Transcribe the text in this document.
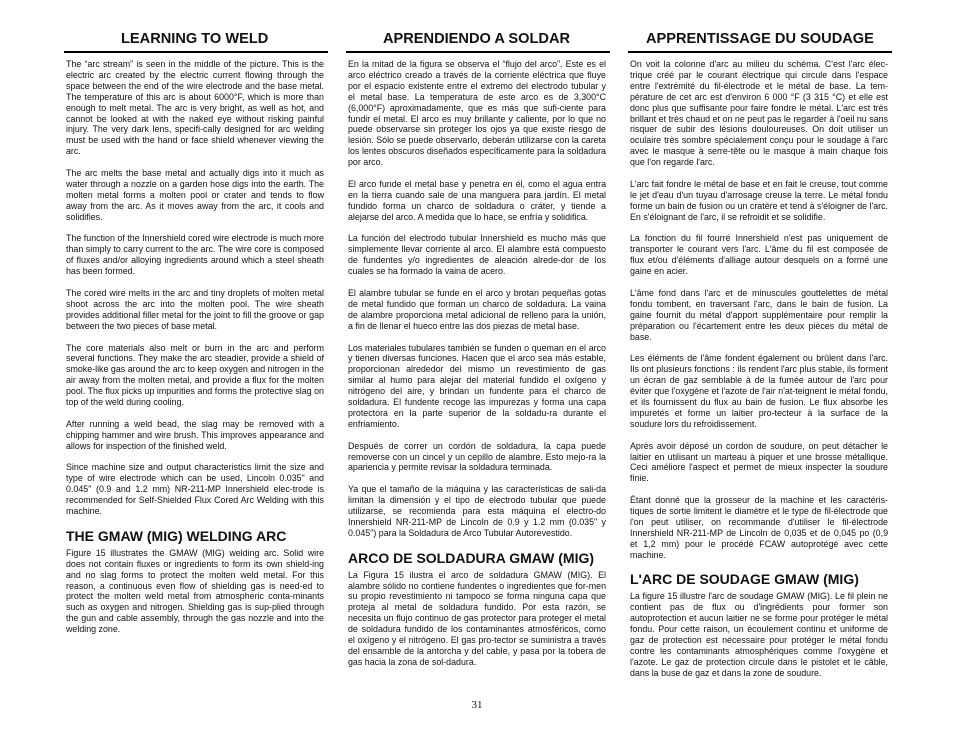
LEARNING TO WELD	APRENDIENDO A SOLDAR	APPRENTISSAGE DU SOUDAGE

The “arc stream” is seen in the middle of the picture. This is the electric arc created by the electric current flowing through the space between the end of the wire electrode and the base metal. The temperature of this arc is about 6000°F, which is more than enough to melt metal. The arc is very bright, as well as hot, and cannot be looked at with the naked eye without risking painful injury. The very dark lens, specifi-cally designed for arc welding must be used with the hand or face shield whenever viewing the arc.

The arc melts the base metal and actually digs into it much as water through a nozzle on a garden hose digs into the earth. The molten metal forms a molten pool or crater and tends to flow away from the arc. As it moves away from the arc, it cools and solidifies.

The function of the Innershield cored wire electrode is much more than simply to carry current to the arc. The wire core is composed of fluxes and/or alloying ingredients around which a steel sheath has been formed.

The cored wire melts in the arc and tiny droplets of molten metal shoot across the arc into the molten pool. The wire sheath provides additional filler metal for the joint to fill the groove or gap between the two pieces of base metal.

The core materials also melt or burn in the arc and perform several functions. They make the arc steadier, provide a shield of smoke-like gas around the arc to keep oxygen and nitrogen in the air away from the molten metal, and provide a flux for the molten pool. The flux picks up impurities and forms the protective slag on top of the weld during cooling.

After running a weld bead, the slag may be removed with a chipping hammer and wire brush. This improves appearance and allows for inspection of the finished weld.

Since machine size and output characteristics limit the size and type of wire electrode which can be used, Lincoln 0.035" and 0.045" (0.9 and 1.2 mm) NR-211-MP Innershield elec-trode is recommended for Self-Shielded Flux Cored Arc Welding with this machine.

THE GMAW (MIG) WELDING ARC

Figure 15 illustrates the GMAW (MIG) welding arc. Solid wire does not contain fluxes or ingredients to form its own shield-ing and no slag forms to protect the molten weld metal. For this reason, a continuous even flow of shielding gas is need-ed to protect the molten weld metal from atmospheric conta-minants such as oxygen and nitrogen. Shielding gas is sup-plied through the gun and cable assembly, through the gas nozzle and into the welding zone.

En la mitad de la figura se observa el “flujo del arco”. Este es el arco eléctrico creado a través de la corriente eléctrica que fluye por el espacio existente entre el extremo del electrodo tubular y el metal base. La temperatura de este arco es de 3,300°C (6,000°F) aproximadamente, que es más que sufi-ciente para fundir el metal. El arco es muy brillante y caliente, por lo que no puede observarse sin proteger los ojos ya que existe riesgo de lesión. Sólo se puede observarlo, deberán utilizarse con la careta los lentes obscuros diseñados específicamente para la soldadura por arco.

El arco funde el metal base y penetra en él, como el agua entra en la tierra cuando sale de una manguera para jardín. El metal fundido forma un charco de soldadura o cráter, y tiende a alejarse del arco. A medida que lo hace, se enfría y solidifica.

La función del electrodo tubular Innershield es mucho más que simplemente llevar corriente al arco. El alambre está compuesto de fundentes y/o ingredientes de aleación alrede-dor de los cuales se ha formado la vaina de acero.

El alambre tubular se funde en el arco y brotan pequeñas gotas de metal fundido que forman un charco de soldadura. La vaina de alambre proporciona metal adicional de relleno para la unión, a fin de llenar el hueco entre las dos piezas de metal base.

Los materiales tubulares también se funden o queman en el arco y tienen diversas funciones. Hacen que el arco sea más estable, proporcionan alrededor del mismo un revestimiento de gas similar al humo para alejar del material fundido el oxígeno y nitrógeno del aire, y brindan un fundente para el charco de soldadura. El fundente recoge las impurezas y forma una capa protectora en la parte superior de la soldadu-ra durante el enfriamiento.

Después de correr un cordón de soldadura, la capa puede removerse con un cincel y un cepillo de alambre. Esto mejo-ra la apariencia y permite revisar la soldadura terminada.

Ya que el tamaño de la máquina y las características de sali-da limitan la dimensión y el tipo de electrodo tubular que puede utilizarse, se recomienda para esta máquina el electro-do Innershield NR-211-MP de Lincoln de 0.9 y 1.2 mm (0.035" y 0.045") para la Soldadura de Arco Tubular Autorevestido.

ARCO DE SOLDADURA GMAW (MIG)

La Figura 15 ilustra el arco de soldadura GMAW (MIG). El alambre sólido no contiene fundentes o ingredientes que for-men su propio revestimiento ni tampoco se forma ninguna capa que proteja al metal de soldadura fundido. Por esta razón, se necesita un flujo continuo de gas protector para proteger el metal de soldadura fundido de los contaminantes atmosféricos, como el oxígeno y el nitrógeno. El gas pro-tector se suministra a través del ensamble de la antorcha y del cable, y pasa por la tobera de gas hacia la zona de sol-dadura.

On voit la colonne d'arc au milieu du schéma. C'est l'arc élec-trique créé par le courant électrique qui circule dans l'espace entre l'extrémité du fil-électrode et le métal de base. La tem-pérature de cet arc est d'environ 6 000 °F (3 315 °C) et elle est donc plus que suffisante pour faire fondre le métal. L'arc est très brillant et très chaud et on ne peut pas le regarder à l'oeil nu sans risquer de subir des lésions douloureuses. On doit utiliser un oculaire très sombre spécialement conçu pour le soudage à l'arc avec le masque à serre-tête ou le masque à main chaque fois que l'on regarde l'arc.

L'arc fait fondre le métal de base et en fait le creuse, tout comme le jet d'eau d'un tuyau d'arrosage creuse la terre. Le métal fondu forme un bain de fusion ou un cratère et tend à s'éloigner de l'arc. En s'éloignant de l'arc, il se refroidit et se solidifie.

La fonction du fil fourré Innershield n'est pas uniquement de transporter le courant vers l'arc. L'âme du fil est composée de flux et/ou d'éléments d'alliage autour desquels on a formé une gaine en acier.

L'âme fond dans l'arc et de minuscules gouttelettes de métal fondu tombent, en traversant l'arc, dans le bain de fusion. La gaine fournit du métal d'apport supplémentaire pour remplir la préparation ou l'écartement entre les deux pièces du métal de base.

Les éléments de l'âme fondent également ou brûlent dans l'arc. Ils ont plusieurs fonctions : ils rendent l'arc plus stable, ils forment un écran de gaz semblable à de la fumée autour de l'arc pour éviter que l'oxygène et l'azote de l'air n'at-teignent le métal fondu, et ils fournissent du flux au bain de fusion. Le flux absorbe les impuretés et forme un laitier pro-tecteur à la surface de la soudure lors du refroidissement.

Après avoir déposé un cordon de soudure, on peut détacher le laitier en utilisant un marteau à piquer et une brosse métallique. Ceci améliore l'aspect et permet de mieux inspecter la soudure finie.

Étant donné que la grosseur de la machine et les caractéris-tiques de sortie limitent le diamètre et le type de fil-électrode que l'on peut utiliser, on recommande d'utiliser le fil-électrode Innershield NR-211-MP de Lincoln de 0,035 et de 0,045 po (0,9 et 1,2 mm) pour le procédé FCAW autoprotégé avec cette machine.

L'ARC DE SOUDAGE GMAW (MIG)

La figure 15 illustre l'arc de soudage GMAW (MIG). Le fil plein ne contient pas de flux ou d'ingrédients pour former son autoprotection et aucun laitier ne se forme pour protéger le métal fondu. Pour cette raison, un écoulement continu et uniforme de gaz de protection est nécessaire pour protéger le métal fondu contre les contaminants atmosphériques comme l'oxygène et l'azote. Le gaz de protection circule dans le pistolet et le câble, dans la buse de gaz et dans la zone de soudure.

31
